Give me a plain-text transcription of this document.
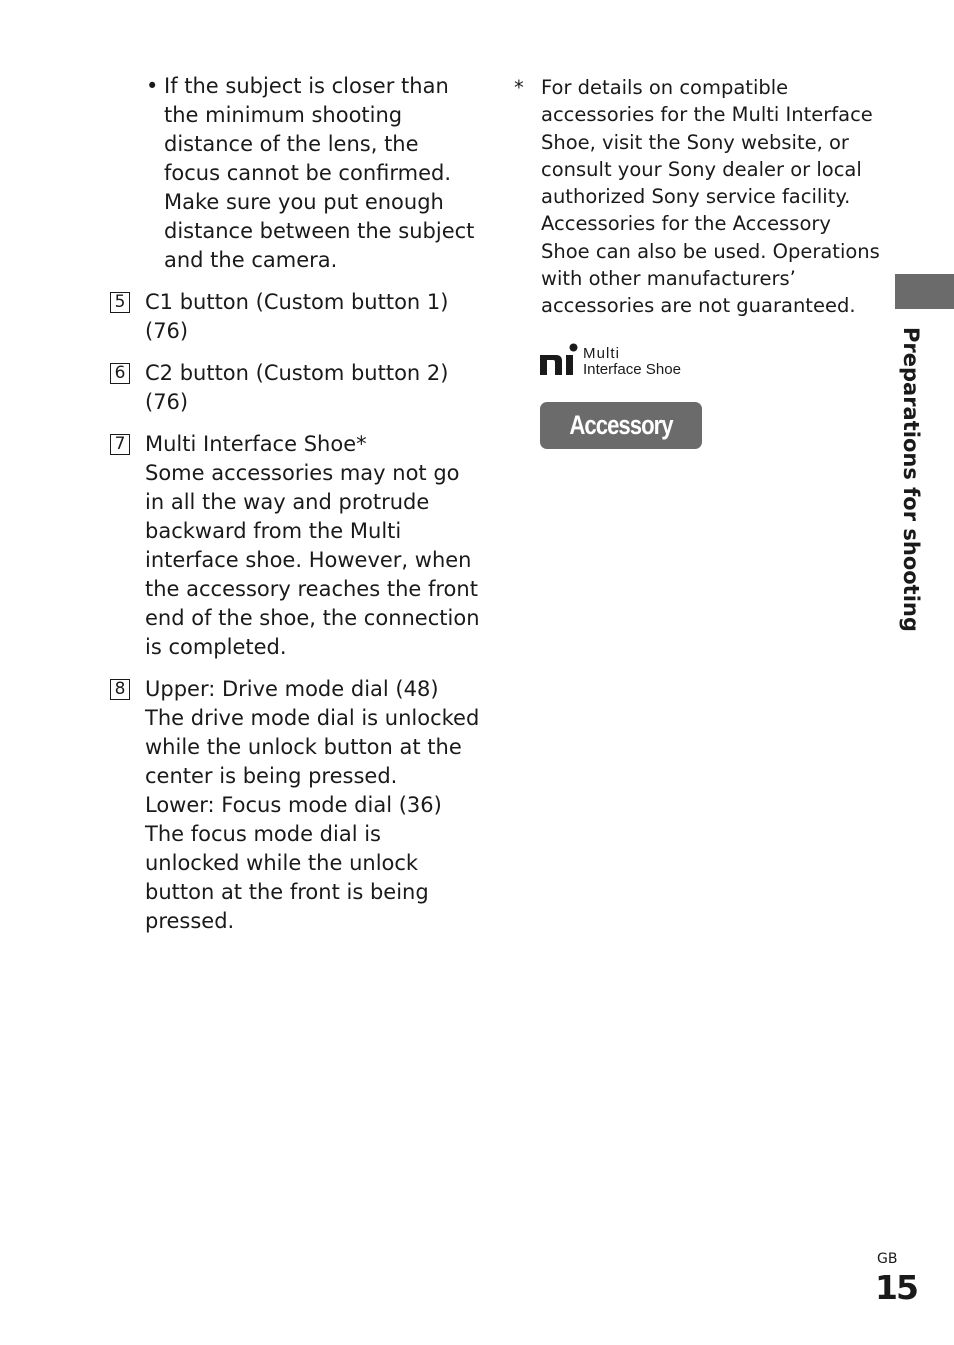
• If the subject is closer than the minimum shooting distance of the lens, the focus cannot be confirmed. Make sure you put enough distance between the subject and the camera.

5 C1 button (Custom button 1) (76)
6 C2 button (Custom button 2) (76)
7 Multi Interface Shoe*

Some accessories may not go in all the way and protrude backward from the Multi interface shoe. However, when the accessory reaches the front end of the shoe, the connection is completed.

8 Upper: Drive mode dial (48)

The drive mode dial is unlocked while the unlock button at the center is being pressed.

Lower: Focus mode dial (36)

The focus mode dial is unlocked while the unlock button at the front is being pressed.

* For details on compatible accessories for the Multi Interface Shoe, visit the Sony website, or consult your Sony dealer or local authorized Sony service facility. Accessories for the Accessory Shoe can also be used. Operations with other manufacturers’ accessories are not guaranteed.

Multi
Interface Shoe
Accessory Shoe	Preparations for shooting
GB
15
